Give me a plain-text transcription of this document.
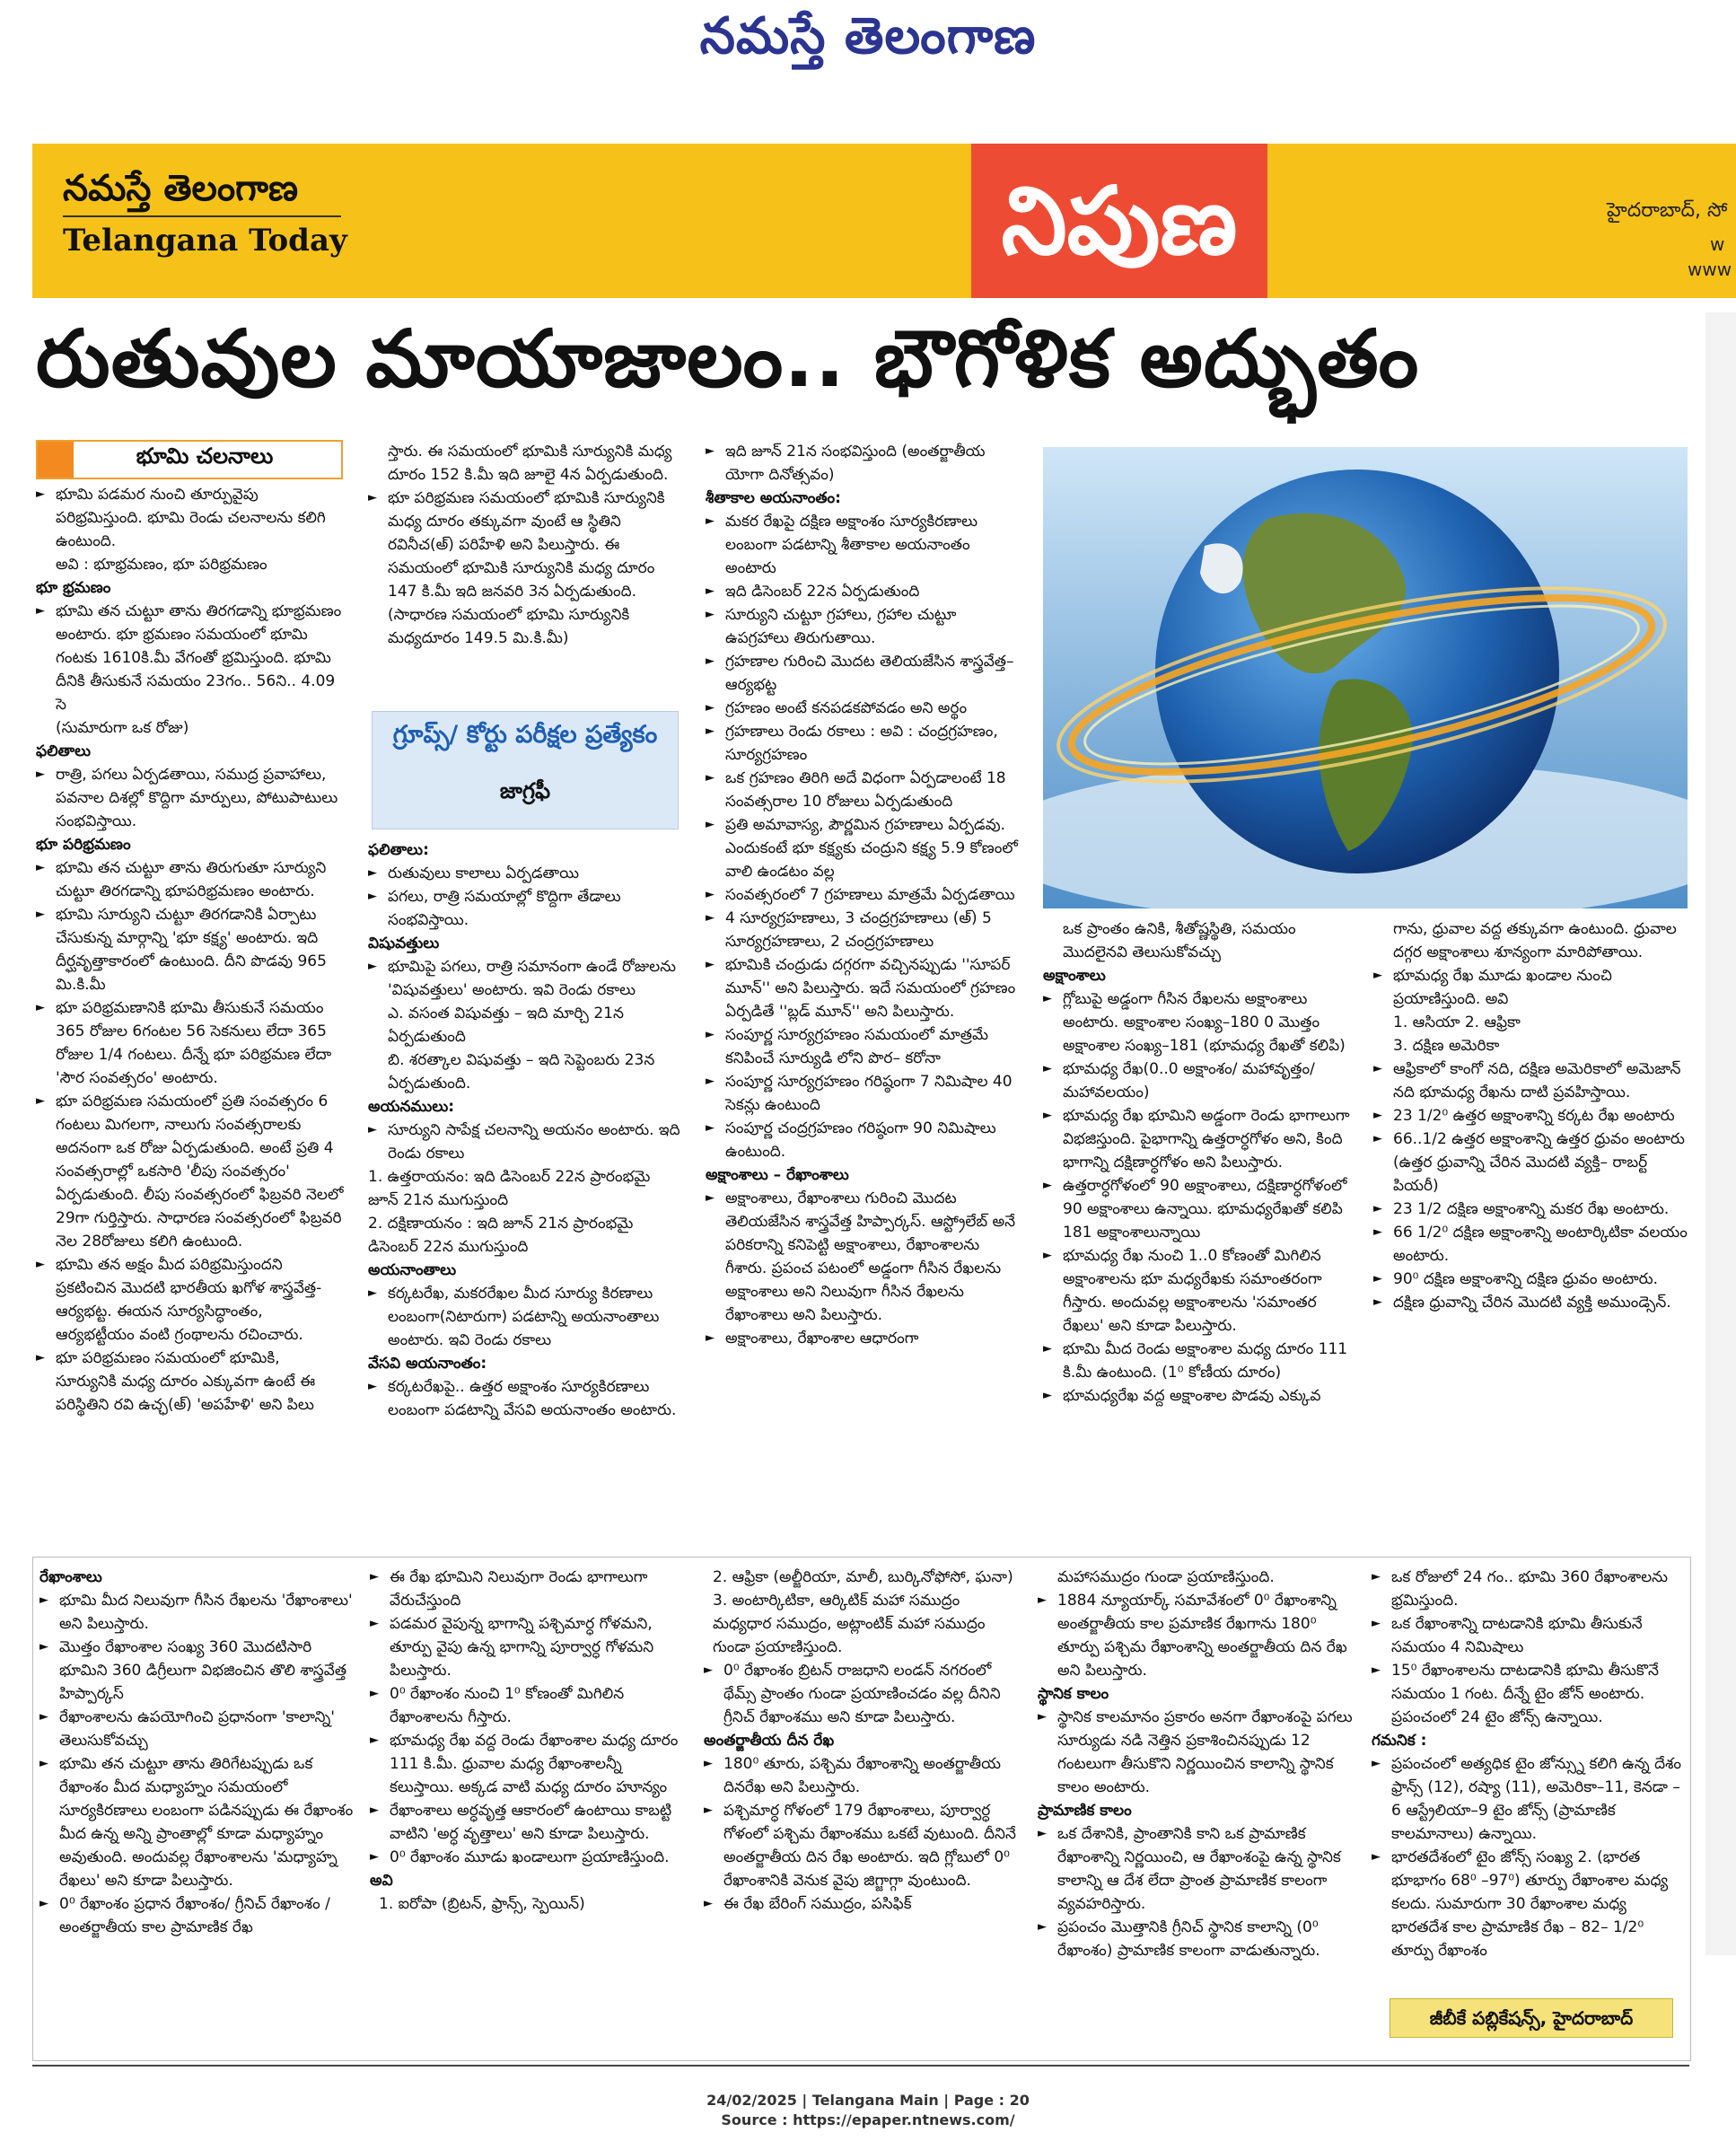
నమస్తే తెలంగాణ
నమస్తే తెలంగాణ
Telangana Today	నిపుణ	హైదరాబాద్, సో
w
www
రుతువుల మాయాజాలం.. భౌగోళిక అద్భుతం
భూమి చలనాలు
► భూమి పడమర నుంచి తూర్పువైపు పరిభ్రమిస్తుంది. భూమి రెండు చలనాలను కలిగి ఉంటుంది.
అవి : భూభ్రమణం, భూ పరిభ్రమణం
భూ భ్రమణం
► భూమి తన చుట్టూ తాను తిరగడాన్ని భూభ్రమణం అంటారు. భూ భ్రమణం సమయంలో భూమి గంటకు 1610కి.మీ వేగంతో భ్రమిస్తుంది. భూమి దీనికి తీసుకునే సమయం 23గం.. 56ని.. 4.09 సె
(సుమారుగా ఒక రోజు)
ఫలితాలు
► రాత్రి, పగలు ఏర్పడతాయి, సముద్ర ప్రవాహాలు, పవనాల దిశల్లో కొద్దిగా మార్పులు, పోటుపాటులు సంభవిస్తాయి.
భూ పరిభ్రమణం
► భూమి తన చుట్టూ తాను తిరుగుతూ సూర్యుని చుట్టూ తిరగడాన్ని భూపరిభ్రమణం అంటారు.
► భూమి సూర్యుని చుట్టూ తిరగడానికి ఏర్పాటు చేసుకున్న మార్గాన్ని 'భూ కక్ష్య' అంటారు. ఇది దీర్ఘవృత్తాకారంలో ఉంటుంది. దీని పొడవు 965 మి.కి.మీ
► భూ పరిభ్రమణానికి భూమి తీసుకునే సమయం 365 రోజుల 6గంటల 56 సెకనులు లేదా 365 రోజుల 1/4 గంటలు. దీన్నే భూ పరిభ్రమణ లేదా 'సౌర సంవత్సరం' అంటారు.
► భూ పరిభ్రమణ సమయంలో ప్రతి సంవత్సరం 6 గంటలు మిగలగా, నాలుగు సంవత్సరాలకు అదనంగా ఒక రోజు ఏర్పడుతుంది. అంటే ప్రతి 4 సంవత్సరాల్లో ఒకసారి 'లీపు సంవత్సరం' ఏర్పడుతుంది. లీపు సంవత్సరంలో ఫిబ్రవరి నెలలో 29గా గుర్తిస్తారు. సాధారణ సంవత్సరంలో ఫిబ్రవరి నెల 28రోజులు కలిగి ఉంటుంది.
► భూమి తన అక్షం మీద పరిభ్రమిస్తుందని ప్రకటించిన మొదటి భారతీయ ఖగోళ శాస్త్రవేత్త-ఆర్యభట్ట. ఈయన సూర్యసిద్ధాంతం, ఆర్యభట్టీయం వంటి గ్రంథాలను రచించారు.
► భూ పరిభ్రమణం సమయంలో భూమికి, సూర్యునికి మధ్య దూరం ఎక్కువగా ఉంటే ఈ పరిస్థితిని రవి ఉచ్ఛ(అ్) 'అపహేళి' అని పిలు
స్తారు. ఈ సమయంలో భూమికి సూర్యునికి మధ్య దూరం 152 కి.మీ ఇది జూలై 4న ఏర్పడుతుంది.
► భూ పరిభ్రమణ సమయంలో భూమికి సూర్యునికి మధ్య దూరం తక్కువగా వుంటే ఆ స్థితిని రవినీచ(అ్) పరిహేళి అని పిలుస్తారు. ఈ సమయంలో భూమికి సూర్యునికి మధ్య దూరం 147 కి.మీ ఇది జనవరి 3న ఏర్పడుతుంది. (సాధారణ సమయంలో భూమి సూర్యునికి మధ్యదూరం 149.5 మి.కి.మీ)
గ్రూప్స్/ కోర్టు పరీక్షల ప్రత్యేకం
జాగ్రఫీ
ఫలితాలు:
► రుతువులు కాలాలు ఏర్పడతాయి
► పగలు, రాత్రి సమయాల్లో కొద్దిగా తేడాలు సంభవిస్తాయి.
విషువత్తులు
► భూమిపై పగలు, రాత్రి సమానంగా ఉండే రోజులను 'విషువత్తులు' అంటారు. ఇవి రెండు రకాలు
ఎ. వసంత విషువత్తు – ఇది మార్చి 21న ఏర్పడుతుంది
బి. శరత్కాల విషువత్తు – ఇది సెప్టెంబరు 23న ఏర్పడుతుంది.
అయనములు:
► సూర్యుని సాపేక్ష చలనాన్ని అయనం అంటారు. ఇది రెండు రకాలు
1. ఉత్తరాయనం: ఇది డిసెంబర్ 22న ప్రారంభమై జూన్ 21న ముగుస్తుంది
2. దక్షిణాయనం : ఇది జూన్ 21న ప్రారంభమై డిసెంబర్ 22న ముగుస్తుంది
అయనాంతాలు
► కర్కటరేఖ, మకరరేఖల మీద సూర్యు కిరణాలు లంబంగా(నిటారుగా) పడటాన్ని అయనాంతాలు అంటారు. ఇవి రెండు రకాలు
వేసవి అయనాంతం:
► కర్కటరేఖపై.. ఉత్తర అక్షాంశం సూర్యకిరణాలు లంబంగా పడటాన్ని వేసవి అయనాంతం అంటారు.
► ఇది జూన్ 21న సంభవిస్తుంది (అంతర్జాతీయ యోగా దినోత్సవం)
శీతాకాల అయనాంతం:
► మకర రేఖపై దక్షిణ అక్షాంశం సూర్యకిరణాలు లంబంగా పడటాన్ని శీతాకాల అయనాంతం అంటారు
► ఇది డిసెంబర్ 22న ఏర్పడుతుంది
► సూర్యుని చుట్టూ గ్రహాలు, గ్రహాల చుట్టూ ఉపగ్రహాలు తిరుగుతాయి.
► గ్రహణాల గురించి మొదట తెలియజేసిన శాస్త్రవేత్త– ఆర్యభట్ట
► గ్రహణం అంటే కనపడకపోవడం అని అర్థం
► గ్రహణాలు రెండు రకాలు : అవి : చంద్రగ్రహణం, సూర్యగ్రహణం
► ఒక గ్రహణం తిరిగి అదే విధంగా ఏర్పడాలంటే 18 సంవత్సరాల 10 రోజులు ఏర్పడుతుంది
► ప్రతి అమావాస్య, పౌర్ణమిన గ్రహణాలు ఏర్పడవు. ఎందుకంటే భూ కక్ష్యకు చంద్రుని కక్ష్య 5.9 కోణంలో వాలి ఉండటం వల్ల
► సంవత్సరంలో 7 గ్రహణాలు మాత్రమే ఏర్పడతాయి
► 4 సూర్యగ్రహణాలు, 3 చంద్రగ్రహణాలు (అ్) 5 సూర్యగ్రహణాలు, 2 చంద్రగ్రహణాలు
► భూమికి చంద్రుడు దగ్గరగా వచ్చినప్పుడు ''సూపర్ మూన్'' అని పిలుస్తారు. ఇదే సమయంలో గ్రహణం ఏర్పడితే ''బ్లడ్ మూన్'' అని పిలుస్తారు.
► సంపూర్ణ సూర్యగ్రహణం సమయంలో మాత్రమే కనిపించే సూర్యుడి లోని పొర– కరోనా
► సంపూర్ణ సూర్యగ్రహణం గరిష్ఠంగా 7 నిమిషాల 40 సెకన్లు ఉంటుంది
► సంపూర్ణ చంద్రగ్రహణం గరిష్ఠంగా 90 నిమిషాలు ఉంటుంది.
అక్షాంశాలు – రేఖాంశాలు
► అక్షాంశాలు, రేఖాంశాలు గురించి మొదట తెలియజేసిన శాస్త్రవేత్త హిప్పార్కస్. ఆస్ట్రోలేబ్ అనే పరికరాన్ని కనిపెట్టి అక్షాంశాలు, రేఖాంశాలను గీశారు. ప్రపంచ పటంలో అడ్డంగా గీసిన రేఖలను అక్షాంశాలు అని నిలువుగా గీసిన రేఖలను రేఖాంశాలు అని పిలుస్తారు.
► అక్షాంశాలు, రేఖాంశాల ఆధారంగా
ఒక ప్రాంతం ఉనికి, శీతోష్ణస్థితి, సమయం మొదలైనవి తెలుసుకోవచ్చు
అక్షాంశాలు
► గ్లోబుపై అడ్డంగా గీసిన రేఖలను అక్షాంశాలు అంటారు. అక్షాంశాల సంఖ్య–180 0 మొత్తం అక్షాంశాల సంఖ్య–181 (భూమధ్య రేఖతో కలిపి)
► భూమధ్య రేఖ(0..0 అక్షాంశం/ మహావృత్తం/ మహావలయం)
► భూమధ్య రేఖ భూమిని అడ్డంగా రెండు భాగాలుగా విభజిస్తుంది. పైభాగాన్ని ఉత్తరార్ధగోళం అని, కింది భాగాన్ని దక్షిణార్ధగోళం అని పిలుస్తారు.
► ఉత్తరార్ధగోళంలో 90 అక్షాంశాలు, దక్షిణార్ధగోళంలో 90 అక్షాంశాలు ఉన్నాయి. భూమధ్యరేఖతో కలిపి 181 అక్షాంశాలున్నాయి
► భూమధ్య రేఖ నుంచి 1..0 కోణంతో మిగిలిన అక్షాంశాలను భూ మధ్యరేఖకు సమాంతరంగా గీస్తారు. అందువల్ల అక్షాంశాలను 'సమాంతర రేఖలు' అని కూడా పిలుస్తారు.
► భూమి మీద రెండు అక్షాంశాల మధ్య దూరం 111 కి.మీ ఉంటుంది. (1⁰ కోణీయ దూరం)
► భూమధ్యరేఖ వద్ద అక్షాంశాల పొడవు ఎక్కువ
గాను, ధ్రువాల వద్ద తక్కువగా ఉంటుంది. ధ్రువాల దగ్గర అక్షాంశాలు శూన్యంగా మారిపోతాయి.
► భూమధ్య రేఖ మూడు ఖండాల నుంచి ప్రయాణిస్తుంది. అవి
1. ఆసియా 2. ఆఫ్రికా
3. దక్షిణ అమెరికా
► ఆఫ్రికాలో కాంగో నది, దక్షిణ అమెరికాలో అమెజాన్ నది భూమధ్య రేఖను దాటి ప్రవహిస్తాయి.
► 23 1/2⁰ ఉత్తర అక్షాంశాన్ని కర్కట రేఖ అంటారు
► 66..1/2 ఉత్తర అక్షాంశాన్ని ఉత్తర ధ్రువం అంటారు (ఉత్తర ధ్రువాన్ని చేరిన మొదటి వ్యక్తి– రాబర్ట్ పియరీ)
► 23 1/2 దక్షిణ అక్షాంశాన్ని మకర రేఖ అంటారు.
► 66 1/2⁰ దక్షిణ అక్షాంశాన్ని అంటార్కిటికా వలయం అంటారు.
► 90⁰ దక్షిణ అక్షాంశాన్ని దక్షిణ ధ్రువం అంటారు.
► దక్షిణ ధ్రువాన్ని చేరిన మొదటి వ్యక్తి అముండ్సెన్.
రేఖాంశాలు
► భూమి మీద నిలువుగా గీసిన రేఖలను 'రేఖాంశాలు' అని పిలుస్తారు.
► మొత్తం రేఖాంశాల సంఖ్య 360 మొదటిసారి భూమిని 360 డిగ్రీలుగా విభజించిన తొలి శాస్త్రవేత్త హిప్పార్కస్
► రేఖాంశాలను ఉపయోగించి ప్రధానంగా 'కాలాన్ని' తెలుసుకోవచ్చు
► భూమి తన చుట్టూ తాను తిరిగేటప్పుడు ఒక రేఖాంశం మీద మధ్యాహ్నం సమయంలో సూర్యకిరణాలు లంబంగా పడినప్పుడు ఈ రేఖాంశం మీద ఉన్న అన్ని ప్రాంతాల్లో కూడా మధ్యాహ్నం అవుతుంది. అందువల్ల రేఖాంశాలను 'మధ్యాహ్న రేఖలు' అని కూడా పిలుస్తారు.
► 0⁰ రేఖాంశం ప్రధాన రేఖాంశం/ గ్రీనిచ్ రేఖాంశం / అంతర్జాతీయ కాల ప్రామాణిక రేఖ
► ఈ రేఖ భూమిని నిలువుగా రెండు భాగాలుగా వేరుచేస్తుంది
► పడమర వైపున్న భాగాన్ని పశ్చిమార్ధ గోళమని, తూర్పు వైపు ఉన్న భాగాన్ని పూర్వార్ధ గోళమని పిలుస్తారు.
► 0⁰ రేఖాంశం నుంచి 1⁰ కోణంతో మిగిలిన రేఖాంశాలను గీస్తారు.
► భూమధ్య రేఖ వద్ద రెండు రేఖాంశాల మధ్య దూరం 111 కి.మీ. ధ్రువాల మధ్య రేఖాంశాలన్నీ కలుస్తాయి. అక్కడ వాటి మధ్య దూరం హూన్యం
► రేఖాంశాలు అర్ధవృత్త ఆకారంలో ఉంటాయి కాబట్టి వాటిని 'అర్ధ వృత్తాలు' అని కూడా పిలుస్తారు.
► 0⁰ రేఖాంశం మూడు ఖండాలుగా ప్రయాణిస్తుంది.
అవి
1. ఐరోపా (బ్రిటన్, ఫ్రాన్స్, స్పెయిన్)
2. ఆఫ్రికా (అల్జీరియా, మాలీ, బుర్కినోఫోసో, ఘనా)
3. అంటార్కిటికా, ఆర్కిటిక్ మహా సముద్రం మధ్యధార సముద్రం, అట్లాంటిక్ మహా సముద్రం గుండా ప్రయాణిస్తుంది.
► 0⁰ రేఖాంశం బ్రిటన్ రాజధాని లండన్ నగరంలో థేమ్స్ ప్రాంతం గుండా ప్రయాణించడం వల్ల దీనిని గ్రీనిచ్ రేఖాంశము అని కూడా పిలుస్తారు.
అంతర్జాతీయ దీన రేఖ
► 180⁰ తూరు, పశ్చిమ రేఖాంశాన్ని అంతర్జాతీయ దినరేఖ అని పిలుస్తారు.
► పశ్చిమార్ధ గోళంలో 179 రేఖాంశాలు, పూర్వార్ధ గోళంలో పశ్చిమ రేఖాంశము ఒకటే వుటుంది. దీనినే అంతర్జాతీయ దిన రేఖ అంటారు. ఇది గ్లోబులో 0⁰ రేఖాంశానికి వెనుక వైపు జిగ్జాగ్గా వుంటుంది.
► ఈ రేఖ బేరింగ్ సముద్రం, పసిఫిక్
మహాసముద్రం గుండా ప్రయాణిస్తుంది.
► 1884 న్యూయార్క్ సమావేశంలో 0⁰ రేఖాంశాన్ని అంతర్జాతీయ కాల ప్రమాణిక రేఖగాను 180⁰ తూర్పు పశ్చిమ రేఖాంశాన్ని అంతర్జాతీయ దిన రేఖ అని పిలుస్తారు.
స్థానిక కాలం
► స్థానిక కాలమానం ప్రకారం అనగా రేఖాంశంపై పగలు సూర్యుడు నడి నెత్తిన ప్రకాశించినప్పుడు 12 గంటలుగా తీసుకొని నిర్ణయించిన కాలాన్ని స్థానిక కాలం అంటారు.
ప్రామాణిక కాలం
► ఒక దేశానికి, ప్రాంతానికి కాని ఒక ప్రామాణిక రేఖాంశాన్ని నిర్ణయించి, ఆ రేఖాంశంపై ఉన్న స్థానిక కాలాన్ని ఆ దేశ లేదా ప్రాంత ప్రామాణిక కాలంగా వ్యవహరిస్తారు.
► ప్రపంచం మొత్తానికి గ్రీనిచ్ స్థానిక కాలాన్ని (0⁰ రేఖాంశం) ప్రామాణిక కాలంగా వాడుతున్నారు.
► ఒక రోజులో 24 గం.. భూమి 360 రేఖాంశాలను భ్రమిస్తుంది.
► ఒక రేఖాంశాన్ని దాటడానికి భూమి తీసుకునే సమయం 4 నిమిషాలు
► 15⁰ రేఖాంశాలను దాటడానికి భూమి తీసుకొనే సమయం 1 గంట. దీన్నే టైం జోన్ అంటారు. ప్రపంచంలో 24 టైం జోన్స్ ఉన్నాయి.
గమనిక :
► ప్రపంచంలో అత్యధిక టైం జోన్స్ను కలిగి ఉన్న దేశం ఫ్రాన్స్ (12), రష్యా (11), అమెరికా–11, కెనడా –6 ఆస్ట్రేలియా–9 టైం జోన్స్ (ప్రామాణిక కాలమానాలు) ఉన్నాయి.
► భారతదేశంలో టైం జోన్స్ సంఖ్య 2. (భారత భూభాగం 68⁰ –97⁰) తూర్పు రేఖాంశాల మధ్య కలదు. సుమారుగా 30 రేఖాంశాల మధ్య భారతదేశ కాల ప్రామాణిక రేఖ – 82– 1/2⁰ తూర్పు రేఖాంశం
జీబీకే పబ్లికేషన్స్, హైదరాబాద్
24/02/2025 | Telangana Main | Page : 20
Source : https://epaper.ntnews.com/
